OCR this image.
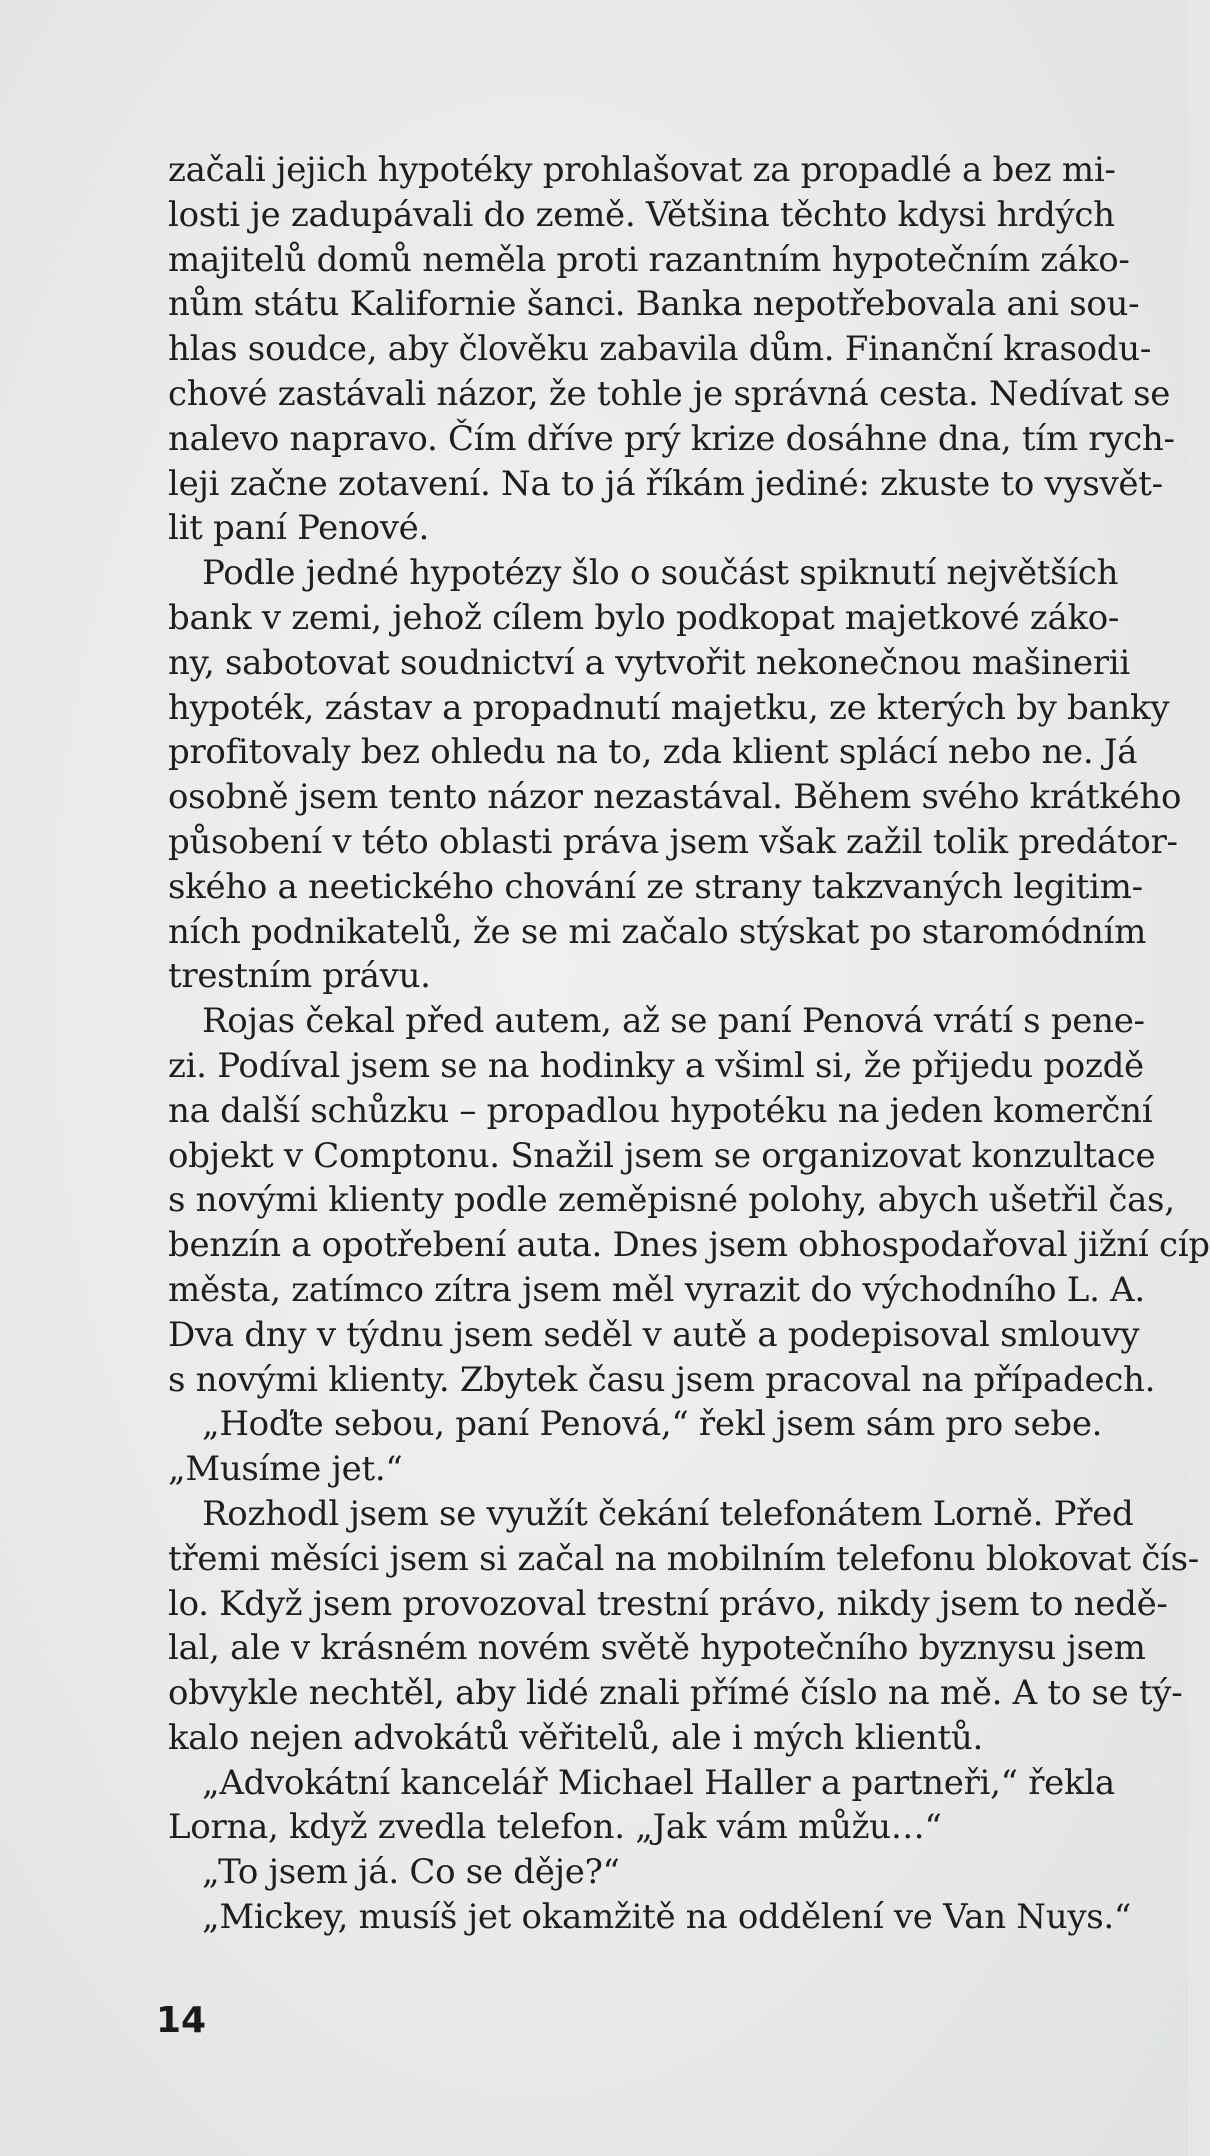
začali jejich hypotéky prohlašovat za propadlé a bez mi-
losti je zadupávali do země. Většina těchto kdysi hrdých
majitelů domů neměla proti razantním hypotečním záko-
nům státu Kalifornie šanci. Banka nepotřebovala ani sou-
hlas soudce, aby člověku zabavila dům. Finanční krasodu-
chové zastávali názor, že tohle je správná cesta. Nedívat se
nalevo napravo. Čím dříve prý krize dosáhne dna, tím rych-
leji začne zotavení. Na to já říkám jediné: zkuste to vysvět-
lit paní Penové.
Podle jedné hypotézy šlo o součást spiknutí největších
bank v zemi, jehož cílem bylo podkopat majetkové záko-
ny, sabotovat soudnictví a vytvořit nekonečnou mašinerii
hypoték, zástav a propadnutí majetku, ze kterých by banky
profitovaly bez ohledu na to, zda klient splácí nebo ne. Já
osobně jsem tento názor nezastával. Během svého krátkého
působení v této oblasti práva jsem však zažil tolik predátor-
ského a neetického chování ze strany takzvaných legitim-
ních podnikatelů, že se mi začalo stýskat po staromódním
trestním právu.
Rojas čekal před autem, až se paní Penová vrátí s pene-
zi. Podíval jsem se na hodinky a všiml si, že přijedu pozdě
na další schůzku – propadlou hypotéku na jeden komerční
objekt v Comptonu. Snažil jsem se organizovat konzultace
s novými klienty podle zeměpisné polohy, abych ušetřil čas,
benzín a opotřebení auta. Dnes jsem obhospodařoval jižní cíp
města, zatímco zítra jsem měl vyrazit do východního L. A.
Dva dny v týdnu jsem seděl v autě a podepisoval smlouvy
s novými klienty. Zbytek času jsem pracoval na případech.
„Hoďte sebou, paní Penová,“ řekl jsem sám pro sebe.
„Musíme jet.“
Rozhodl jsem se využít čekání telefonátem Lorně. Před
třemi měsíci jsem si začal na mobilním telefonu blokovat čís-
lo. Když jsem provozoval trestní právo, nikdy jsem to nedě-
lal, ale v krásném novém světě hypotečního byznysu jsem
obvykle nechtěl, aby lidé znali přímé číslo na mě. A to se tý-
kalo nejen advokátů věřitelů, ale i mých klientů.
„Advokátní kancelář Michael Haller a partneři,“ řekla
Lorna, když zvedla telefon. „Jak vám můžu…“
„To jsem já. Co se děje?“
„Mickey, musíš jet okamžitě na oddělení ve Van Nuys.“
14
